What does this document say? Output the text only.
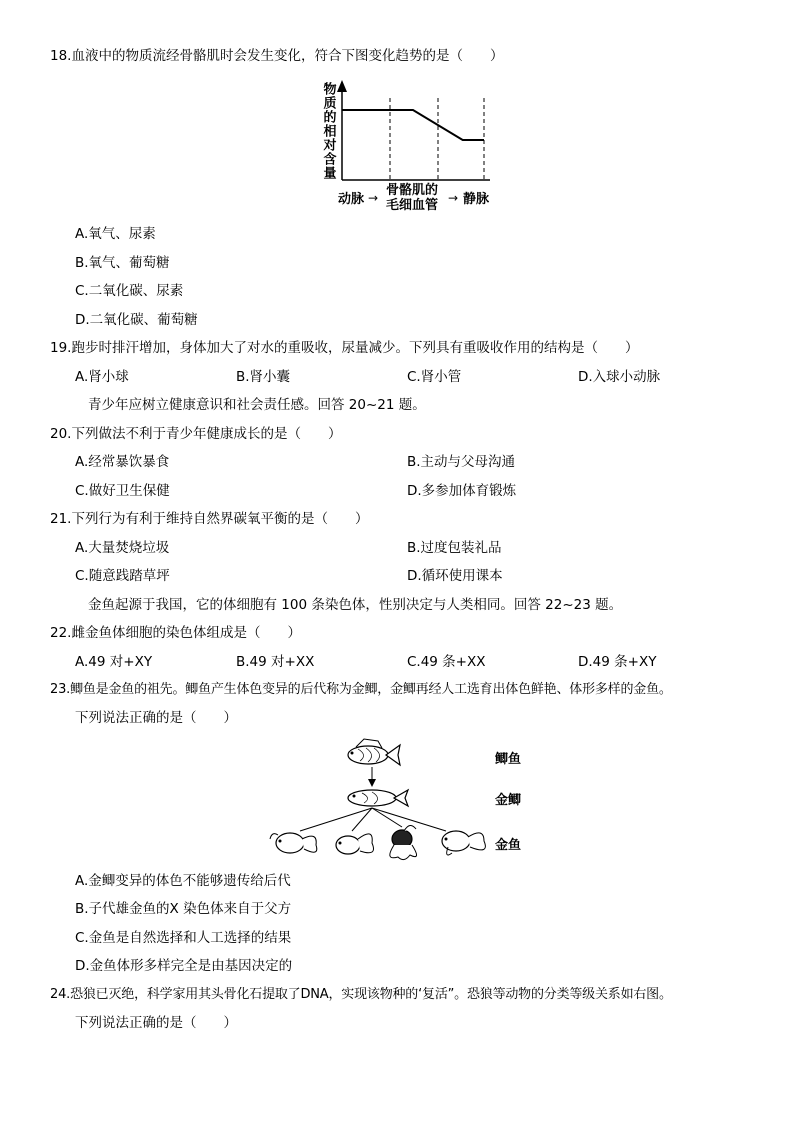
18.血液中的物质流经骨骼肌时会发生变化，符合下图变化趋势的是（　　）
物质的相对含量
动脉 → 骨骼肌的
毛细血管 → 静脉
A.氧气、尿素
B.氧气、葡萄糖
C.二氧化碳、尿素
D.二氧化碳、葡萄糖
19.跑步时排汗增加，身体加大了对水的重吸收，尿量减少。下列具有重吸收作用的结构是（　　）
A.肾小球	B.肾小囊	C.肾小管	D.入球小动脉
青少年应树立健康意识和社会责任感。回答 20~21 题。
20.下列做法不利于青少年健康成长的是（　　）
A.经常暴饮暴食	B.主动与父母沟通
C.做好卫生保健	D.多参加体育锻炼
21.下列行为有利于维持自然界碳氧平衡的是（　　）
A.大量焚烧垃圾	B.过度包装礼品
C.随意践踏草坪	D.循环使用课本
金鱼起源于我国，它的体细胞有 100 条染色体，性别决定与人类相同。回答 22~23 题。
22.雌金鱼体细胞的染色体组成是（　　）
A.49 对+XY	B.49 对+XX	C.49 条+XX	D.49 条+XY
23.鲫鱼是金鱼的祖先。鲫鱼产生体色变异的后代称为金鲫，金鲫再经人工选育出体色鲜艳、体形多样的金鱼。
下列说法正确的是（　　）
鲫鱼
金鲫
金鱼
A.金鲫变异的体色不能够遗传给后代
B.子代雄金鱼的X 染色体来自于父方
C.金鱼是自然选择和人工选择的结果
D.金鱼体形多样完全是由基因决定的
24.恐狼已灭绝，科学家用其头骨化石提取了DNA，实现该物种的‘复活”。恐狼等动物的分类等级关系如右图。
下列说法正确的是（　　）
